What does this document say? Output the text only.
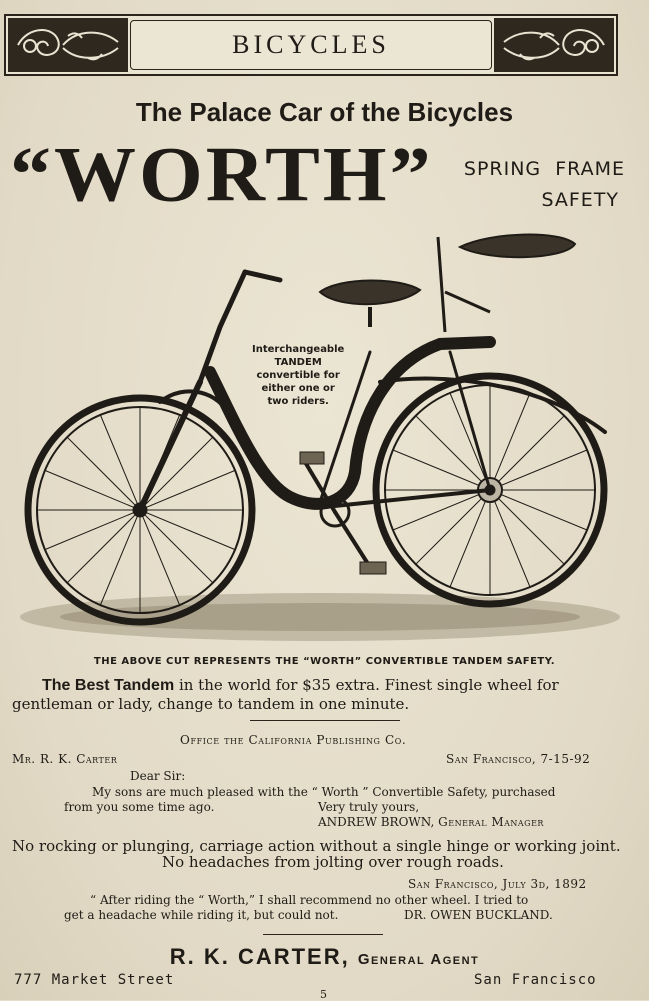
BICYCLES
The Palace Car of the Bicycles
“WORTH” SPRING  FRAME
SAFETY
Interchangeable
TANDEM
convertible for
either one or
two riders.
THE ABOVE CUT REPRESENTS THE “WORTH” CONVERTIBLE TANDEM SAFETY.
The Best Tandem in the world for $35 extra. Finest single wheel for
gentleman or lady, change to tandem in one minute.
Office the California Publishing Co.
Mr. R. K. Carter	San Francisco, 7-15-92
Dear Sir:
My sons are much pleased with the “ Worth ” Convertible Safety, purchased
from you some time ago.	Very truly yours,
ANDREW BROWN, General Manager
No rocking or plunging, carriage action without a single hinge or working joint.
No headaches from jolting over rough roads.
San Francisco, July 3d, 1892
“ After riding the “ Worth,” I shall recommend no other wheel. I tried to
get a headache while riding it, but could not.	DR. OWEN BUCKLAND.
R. K. CARTER, General Agent
777 Market Street	San Francisco
5
